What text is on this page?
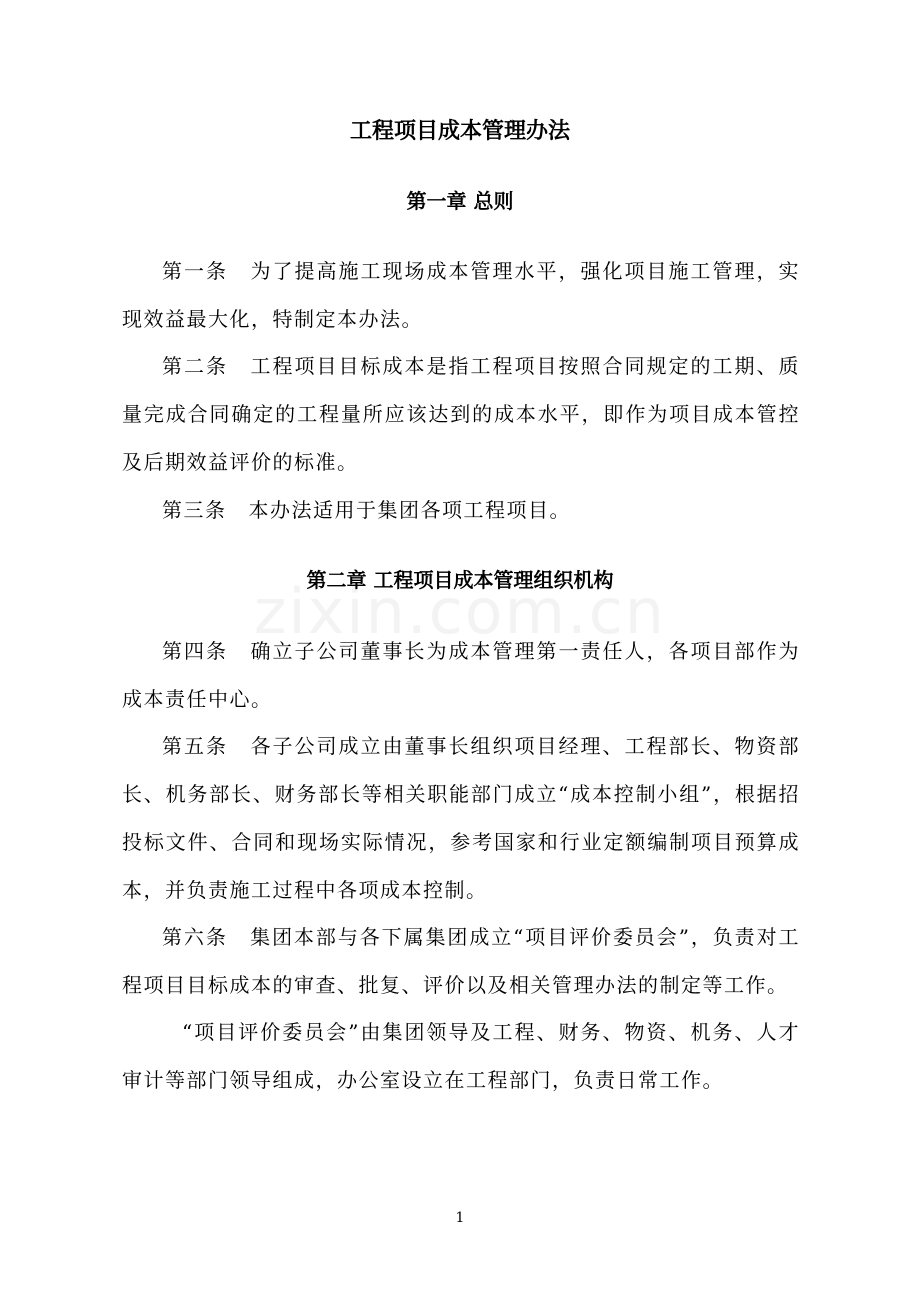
工程项目成本管理办法
第一章 总则

第一条 为了提高施工现场成本管理水平，强化项目施工管理，实现效益最大化，特制定本办法。

第二条 工程项目目标成本是指工程项目按照合同规定的工期、质量完成合同确定的工程量所应该达到的成本水平，即作为项目成本管控及后期效益评价的标准。

第三条 本办法适用于集团各项工程项目。

第二章 工程项目成本管理组织机构

第四条 确立子公司董事长为成本管理第一责任人，各项目部作为成本责任中心。

第五条 各子公司成立由董事长组织项目经理、工程部长、物资部长、机务部长、财务部长等相关职能部门成立“成本控制小组”，根据招投标文件、合同和现场实际情况，参考国家和行业定额编制项目预算成本，并负责施工过程中各项成本控制。

第六条 集团本部与各下属集团成立“项目评价委员会”，负责对工程项目目标成本的审查、批复、评价以及相关管理办法的制定等工作。

“项目评价委员会”由集团领导及工程、财务、物资、机务、人才审计等部门领导组成，办公室设立在工程部门，负责日常工作。

1
